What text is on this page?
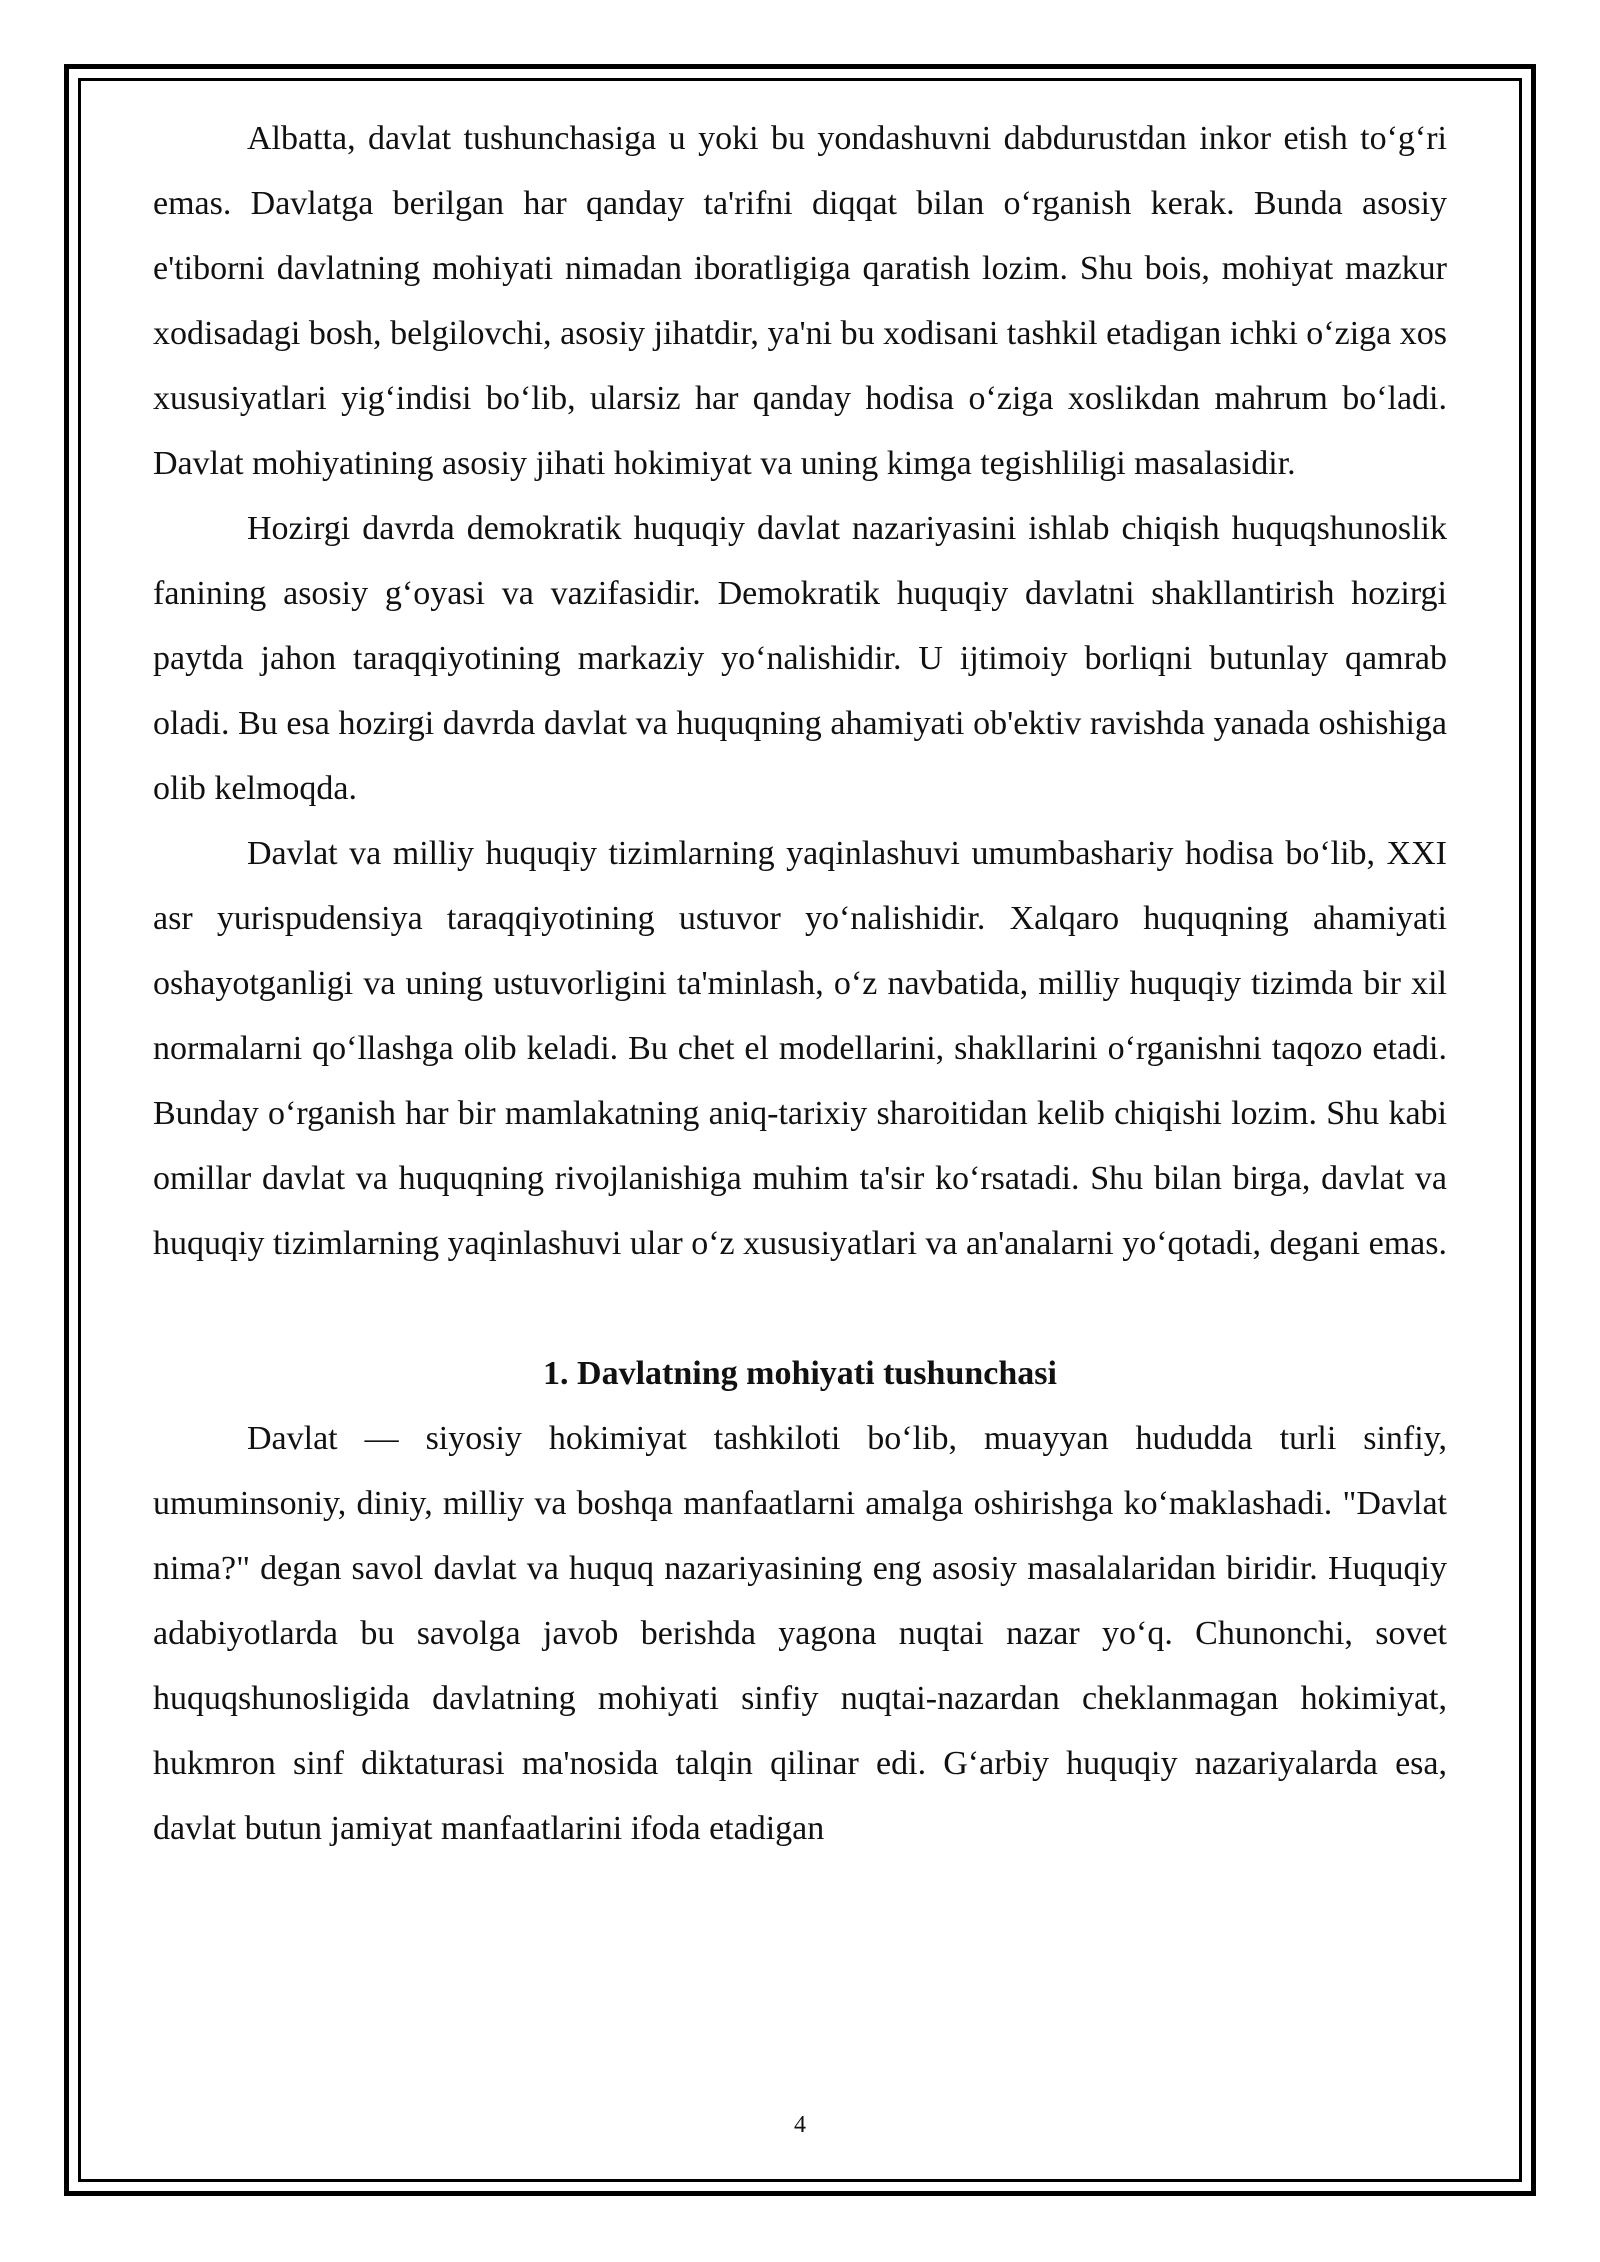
Albatta, davlat tushunchasiga u yoki bu yondashuvni dabdurustdan inkor etish to‘g‘ri emas. Davlatga berilgan har qanday ta'rifni diqqat bilan o‘rganish kerak. Bunda asosiy e'tiborni davlatning mohiyati nimadan iboratligiga qaratish lozim. Shu bois, mohiyat mazkur xodisadagi bosh, belgilovchi, asosiy jihatdir, ya'ni bu xodisani tashkil etadigan ichki o‘ziga xos xususiyatlari yig‘indisi bo‘lib, ularsiz har qanday hodisa o‘ziga xoslikdan mahrum bo‘ladi. Davlat mohiyatining asosiy jihati hokimiyat va uning kimga tegishliligi masalasidir.

Hozirgi davrda demokratik huquqiy davlat nazariyasini ishlab chiqish huquqshunoslik fanining asosiy g‘oyasi va vazifasidir. Demokratik huquqiy davlatni shakllantirish hozirgi paytda jahon taraqqiyotining markaziy yo‘nalishidir. U ijtimoiy borliqni butunlay qamrab oladi. Bu esa hozirgi davrda davlat va huquqning ahamiyati ob'ektiv ravishda yanada oshishiga olib kelmoqda.

Davlat va milliy huquqiy tizimlarning yaqinlashuvi umumbashariy hodisa bo‘lib, XXI asr yurispudensiya taraqqiyotining ustuvor yo‘nalishidir. Xalqaro huquqning ahamiyati oshayotganligi va uning ustuvorligini ta'minlash, o‘z navbatida, milliy huquqiy tizimda bir xil normalarni qo‘llashga olib keladi. Bu chet el modellarini, shakllarini o‘rganishni taqozo etadi. Bunday o‘rganish har bir mamlakatning aniq-tarixiy sharoitidan kelib chiqishi lozim. Shu kabi omillar davlat va huquqning rivojlanishiga muhim ta'sir ko‘rsatadi. Shu bilan birga, davlat va huquqiy tizimlarning yaqinlashuvi ular o‘z xususiyatlari va an'analarni yo‘qotadi, degani emas.

1. Davlatning mohiyati tushunchasi

Davlat — siyosiy hokimiyat tashkiloti bo‘lib, muayyan hududda turli sinfiy, umuminsoniy, diniy, milliy va boshqa manfaatlarni amalga oshirishga ko‘maklashadi. "Davlat nima?" degan savol davlat va huquq nazariyasining eng asosiy masalalaridan biridir. Huquqiy adabiyotlarda bu savolga javob berishda yagona nuqtai nazar yo‘q. Chunonchi, sovet huquqshunosligida davlatning mohiyati sinfiy nuqtai-nazardan cheklanmagan hokimiyat, hukmron sinf diktaturasi ma'nosida talqin qilinar edi. G‘arbiy huquqiy nazariyalarda esa, davlat butun jamiyat manfaatlarini ifoda etadigan

4
